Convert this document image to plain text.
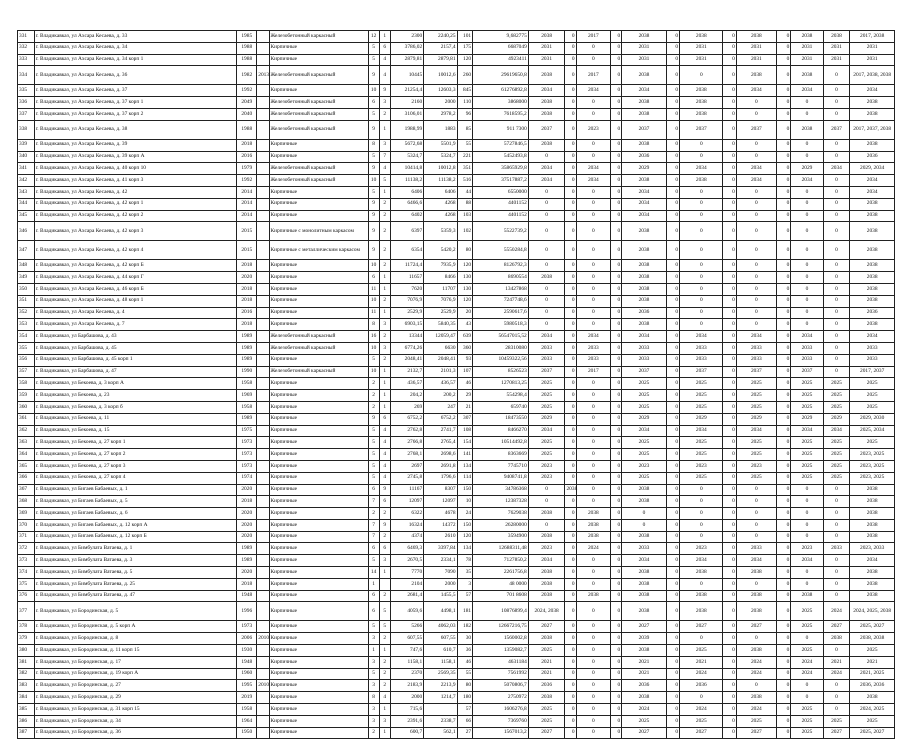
331	г. Владикавказ, ул Ахсара Кесаева, д. 33	1985		Железобетонный каркасный	12	1	2300	2240,25	101	9,682775	2038	0	2017	0	2038	0	2038	0	2038	0	2038	2038	2017, 2038
332	г. Владикавказ, ул Ахсара Кесаева, д. 34	1988		Кирпичные	5	6	3786,02	2157,4	175	6687049	2031	0	0	0	2031	0	2031	0	2031	0	2031	2031	2031
333	г. Владикавказ, ул Ахсара Кесаева, д. 34 корп 1	1988		Кирпичные	5	4	2879,81	2879,81	120	4923411	2031	0	0	0	2031	0	2031	0	2031	0	2031	2031	2031
334	г. Владикавказ, ул Ахсара Кесаева, д. 36	1982	2013	Железобетонный каркасный	9	4	10445	10012,6	260	29619650,8	2038	0	2017	0	2038	0	0	0	2038	0	2038	0	2017, 2038, 2038
335	г. Владикавказ, ул Ахсара Кесаева, д. 37	1992		Кирпичные	10	9	21254,4	12603,3	845	61276892,8	2034	0	2034	0	2034	0	2038	0	2034	0	2034	0	2034
336	г. Владикавказ, ул Ахсара Кесаева, д. 37 корп 1	2049		Железобетонный каркасный	6	3	2160	2000	110	3868000	2038	0	0	0	2038	0	2038	0	0	0	0	0	2038
337	г. Владикавказ, ул Ахсара Кесаева, д. 37 корп 2	2040		Железобетонный каркасный	5	2	3106,01	2978,2	96	7618595,2	2038	0	0	0	2038	0	2038	0	0	0	0	0	2038
338	г. Владикавказ, ул Ахсара Кесаева, д. 38	1988		Железобетонный каркасный	9	1	1988,99	1883	85	911 7300	2037	0	2023	0	2037	0	2037	0	2037	0	2038	2037	2017, 2037, 2038
339	г. Владикавказ, ул Ахсара Кесаева, д. 39	2018		Кирпичные	8	3	5672,68	5501,9	55	5727846,5	2038	0	0	0	2038	0	0	0	0	0	0	0	2038
340	г. Владикавказ, ул Ахсара Кесаева, д. 39 корп А	2016		Кирпичные	5	7	5324,7	5324,7	221	5452493,8	0	0	0	0	2036	0	0	0	0	0	0	0	2036
341	г. Владикавказ, ул Ахсара Кесаева, д. 40 корп 10	1979		Железобетонный каркасный	9	4	10414,8	10012,8	351	35865929,8	2034	0	2034	0	2029	0	2034	0	2034	0	2029	2034	2029, 2034
342	г. Владикавказ, ул Ахсара Кесаева, д. 41 корп 3	1992		Железобетонный каркасный	10	5	11138,2	11138,2	516	37517887,2	2034	0	2034	0	2038	0	2038	0	2034	0	2034	0	2034
343	г. Владикавказ, ул Ахсара Кесаева, д. 42	2014		Кирпичные	5	1	6406	6406	44	6550000	0	0	0	0	2034	0	0	0	0	0	0	0	2034
344	г. Владикавказ, ул Ахсара Кесаева, д. 42 корп 1	2014		Кирпичные	9	2	6466,6	4268	88	4401152	0	0	0	0	2034	0	0	0	0	0	0	0	2038
345	г. Владикавказ, ул Ахсара Кесаева, д. 42 корп 2	2014		Кирпичные	9	2	6402	4268	103	4401152	0	0	0	0	2034	0	0	0	0	0	0	0	2038
346	г. Владикавказ, ул Ахсара Кесаева, д. 42 корп 3	2015		Кирпичные с монолитным каркасом	9	2	6397	5359,3	102	5522739,2	0	0	0	0	2038	0	0	0	0	0	0	0	2038
347	г. Владикавказ, ул Ахсара Кесаева, д. 42 корп 4	2015		Кирпичные с металлическим каркасом	9	2	6354	5420,2	80	5550284,8	0	0	0	0	2038	0	0	0	0	0	0	0	2038
348	г. Владикавказ, ул Ахсара Кесаева, д. 42 корп Б	2018		Кирпичные	10	2	11724,4	7935,9	120	8126792,3	0	0	0	0	2038	0	0	0	0	0	0	0	2038
349	г. Владикавказ, ул Ахсара Кесаева, д. 44 корп Г	2020		Кирпичные	6	1	11657	8466	130	8690554	2038	0	0	0	2038	0	0	0	0	0	0	0	2038
350	г. Владикавказ, ул Ахсара Кесаева, д. 46 корп Б	2018		Кирпичные	11	1	7620	11707	130	13427868	0	0	0	0	2038	0	0	0	0	0	0	0	2038
351	г. Владикавказ, ул Ахсара Кесаева, д. 48 корп 1	2018		Кирпичные	10	2	7076,9	7076,9	120	7247748,6	0	0	0	0	2038	0	0	0	0	0	0	0	2038
352	г. Владикавказ, ул Ахсара Кесаева, д. 4	2016		Кирпичные	11	1	2529,9	2529,9	20	2590617,6	0	0	0	0	2036	0	0	0	0	0	0	0	2036
353	г. Владикавказ, ул Ахсара Кесаева, д. 7	2018		Кирпичные	8	3	6903,15	5840,35	43	5980518,3	0	0	0	0	2038	0	0	0	0	0	0	0	2038
354	г. Владикавказ, ул Барбашова, д. 43	1989		Железобетонный каркасный	16	2	13344	12059,47	639	56547015,52	2034	0	2034	0	2034	0	2034	0	2034	0	2034	0	2034
355	г. Владикавказ, ул Барбашова, д. 45	1989		Железобетонный каркасный	10	3	6774,26	6630	360	28310080	2033	0	2033	0	2033	0	2033	0	2033	0	2033	0	2033
356	г. Владикавказ, ул Барбашова, д. 45 корп 1	1989		Кирпичные	5	2	2048,41	2048,41	93	10459322,56	2033	0	2033	0	2033	0	2033	0	2033	0	2033	0	2033
357	г. Владикавказ, ул Барбашова, д. 47	1990		Железобетонный каркасный	10	1	2132,7	2101,3	107	8526523	2037	0	2017	0	2037	0	2037	0	2037	0	2037	0	2017, 2037
358	г. Владикавказ, ул Бекоева, д. 3 корп А	1958		Кирпичные	2	1	436,57	436,57	46	1270813,25	2025	0	0	0	2025	0	2025	0	2025	0	2025	2025	2025
359	г. Владикавказ, ул Бекоева, д. 23	1969		Кирпичные	2	1	204,2	200,2	29	554298,4	2025	0	0	0	2025	0	2025	0	2025	0	2025	2025	2025
360	г. Владикавказ, ул Бекоева, д. 3 корп б	1958		Кирпичные	2	1	269	247	21	659740	2025	0	0	0	2025	0	2025	0	2025	0	2025	2025	2025
361	г. Владикавказ, ул Бекоева, д. 11	1989		Кирпичные	9	6	6752,2	6752,2	307	18473550	2029	0	0	0	2029	0	2029	0	2029	0	2029	2029	2029, 2030
362	г. Владикавказ, ул Бекоева, д. 15	1975		Кирпичные	5	4	2762,8	2741,7	108	8466270	2034	0	0	0	2034	0	2034	0	2034	0	2034	2034	2025, 2034
363	г. Владикавказ, ул Бекоева, д. 27 корп 1	1973		Кирпичные	5	4	2766,8	2765,4	154	10514492,8	2025	0	0	0	2025	0	2025	0	2025	0	2025	2025	2025
364	г. Владикавказ, ул Бекоева, д. 27 корп 2	1973		Кирпичные	5	4	2768,1	2698,6	141	8363669	2025	0	0	0	2025	0	2025	0	2025	0	2025	2025	2023, 2025
365	г. Владикавказ, ул Бекоева, д. 27 корп 3	1973		Кирпичные	5	4	2697	2691,8	134	7745710	2023	0	0	0	2023	0	2023	0	2023	0	2025	2025	2023, 2025
366	г. Владикавказ, ул Бекоева, д. 27 корп 4	1974		Кирпичные	5	4	2745,8	1796,6	114	9408741,8	2023	0	0	0	2025	0	2025	0	2025	0	2025	2025	2023, 2025
367	г. Владикавказ, ул Бигаев Бабаевых, д. 1	2020		Кирпичные	6	9	11167	8307	150	34786368	0	2038	0	0	2038	0	0	0	0	0	0	0	2038
368	г. Владикавказ, ул Бигаев Бабаевых, д. 5	2018		Кирпичные	7	6	12097	12097	10	12387328	0	0	0	0	2038	0	0	0	0	0	0	0	2038
369	г. Владикавказ, ул Бигаев Бабаевых, д. 6	2020		Кирпичные	2	2	6322	4678	24	7629038	2038	0	2038	0	0	0	0	0	0	0	0	0	2038
370	г. Владикавказ, ул Бигаев Бабаевых, д. 12 корп А	2020		Кирпичные	7	9	16324	14372	150	26280000	0	0	2038	0	0	0	0	0	0	0	0	0	2038
371	г. Владикавказ, ул Бигаев Бабаевых, д. 12 корп Б	2020		Кирпичные	7	2	4374	2610	120	3594900	2038	0	2038	0	2038	0	0	0	0	0	0	0	2038
372	г. Владикавказ, ул Бимбулата Ватаева, д. 1	1989		Кирпичные	6	6	6469,3	3397,84	134	12688311,48	2023	0	2024	0	2033	0	2023	0	2033	0	2023	2033	2023, 2033
373	г. Владикавказ, ул Бимбулата Ватаева, д. 3	1989		Кирпичные	5	3	2670,5	2334,1	78	7127850,2	2034	0	0	0	2034	0	2034	0	2034	0	2034	0	2034
374	г. Владикавказ, ул Бимбулата Ватаева, д. 5	2020		Кирпичные	14	1	7770	7090	35	2261756,8	2038	0	0	0	2038	0	2038	0	2038	0	0	0	2038
375	г. Владикавказ, ул Бимбулата Ватаева, д. 25	2018		Кирпичные	1		2104	2000	3	48 0000	2038	0	0	0	2038	0	0	0	0	0	0	0	2038
376	г. Владикавказ, ул Бимбулата Ватаева, д. 47	1948		Кирпичные	6	2	2681,4	1455,5	57	701 8608	2038	0	2038	0	2038	0	2038	0	2038	0	2038	0	2038
377	г. Владикавказ, ул Бородинская, д. 5	1996		Кирпичные	6	5	4059,6	4498,1	181	10876899,4	2024, 2038	0	0	0	2038	0	2038	0	2038	0	2025	2024	2024, 2025, 2038
378	г. Владикавказ, ул Бородинская, д. 5 корп А	1973		Кирпичные	5	5	5266	4062,03	182	12667216,75	2027	0	0	0	2027	0	2027	0	2027	0	2025	2027	2025, 2027
379	г. Владикавказ, ул Бородинская, д. 8	2006	2010	Кирпичные	3	2	607,55	607,55	30	1560002,8	2038	0	0	0	2039	0	0	0	0	0	0	2038	2038, 2038
380	г. Владикавказ, ул Бородинская, д. 11 корп 15	1930		Кирпичные	1	1	747,6	610,7	36	1359082,7	2025	0	0	0	2038	0	2025	0	2038	0	2025	0	2025
381	г. Владикавказ, ул Бородинская, д. 17	1948		Кирпичные	3	2	1158,1	1158,1	46	4631184	2021	0	0	0	2021	0	2021	0	2024	0	2024	2021	2021
382	г. Владикавказ, ул Бородинская, д. 19 корп А	1960		Кирпичные	5	2	2370	2569,35	55	7561992	2021	0	0	0	2021	0	2024	0	2024	0	2024	2024	2021, 2025
383	г. Владикавказ, ул Бородинская, д. 27	1995	2010	Кирпичные	3	2	2183,9	2213,9	80	5070806,7	2036	0	0	0	2036	0	2036	0	0	0	0	0	2036, 2036
384	г. Владикавказ, ул Бородинская, д. 29	2019		Кирпичные	8	4	2000	1214,7	180	2750972	2038	0	0	0	2038	0	0	0	2038	0	0	0	2038
385	г. Владикавказ, ул Бородинская, д. 31 корп 15	1958		Кирпичные	3	1	715,6		57	1606276,8	2025	0	0	0	2024	0	2024	0	2024	0	2025	0	2024, 2025
386	г. Владикавказ, ул Бородинская, д. 34	1964		Кирпичные	3	3	2391,6	2338,7	66	7369760	2025	0	0	0	2025	0	2025	0	2025	0	2025	2025	2025
387	г. Владикавказ, ул Бородинская, д. 36	1950		Кирпичные	2	1	600,7	562,1	27	1567013,2	2027	0	0	0	2027	0	2027	0	2027	0	2025	2027	2025, 2027
